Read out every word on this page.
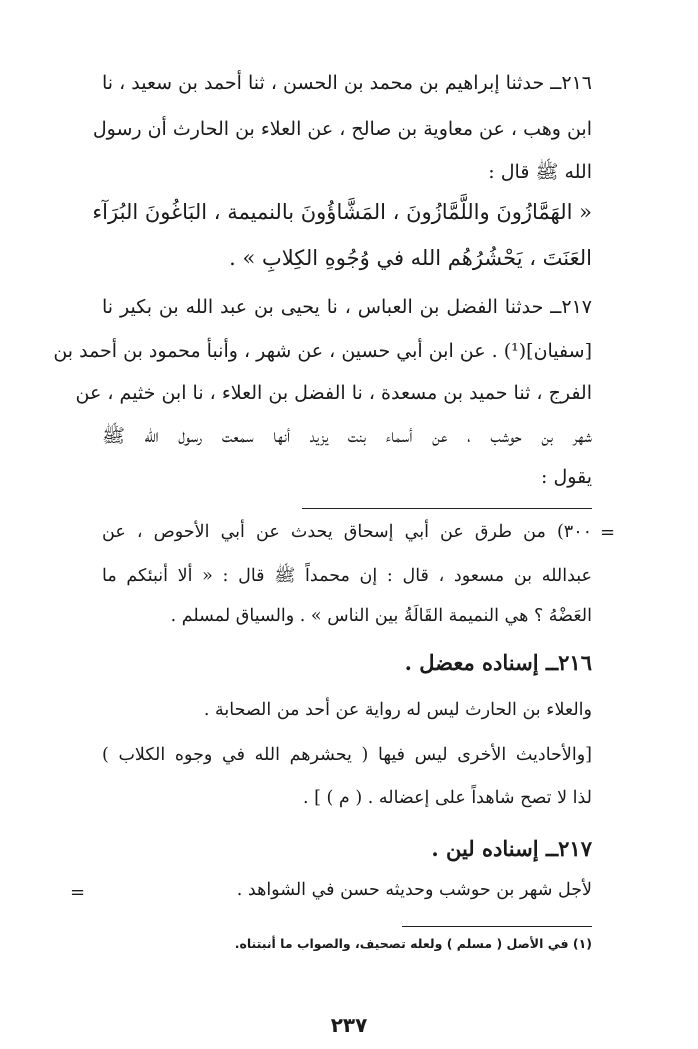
٢١٦ــ حدثنا إبراهيم بن محمد بن الحسن ، ثنا أحمد بن سعيد ، نا
ابن وهب ، عن معاوية بن صالح ، عن العلاء بن الحارث أن رسول
الله ﷺ قال :
« الهَمَّازُونَ واللَّمَّازُونَ ، المَشَّاؤُونَ بالنميمة ، البَاغُونَ البُرَآء
العَنَتَ ، يَحْشُرُهُم الله في وُجُوهِ الكِلابِ » .
٢١٧ــ حدثنا الفضل بن العباس ، نا يحيى بن عبد الله بن بكير نا
[سفيان](¹) . عن ابن أبي حسين ، عن شهر ، وأنبأ محمود بن أحمد بن
الفرج ، ثنا حميد بن مسعدة ، نا الفضل بن العلاء ، نا ابن خثيم ، عن
شهر بن حوشب ، عن أسماء بنت يزيد أنها سمعت رسول الله ﷺ
يقول :
=
٣٠٠) من طرق عن أبي إسحاق يحدث عن أبي الأحوص ، عن
عبدالله بن مسعود ، قال : إن محمداً ﷺ قال : « ألا أنبئكم ما
العَضْهُ ؟ هي النميمة القَالَةُ بين الناس » . والسياق لمسلم .
٢١٦ــ إسناده معضل .
والعلاء بن الحارث ليس له رواية عن أحد من الصحابة .
[والأحاديث الأخرى ليس فيها ( يحشرهم الله في وجوه الكلاب )
لذا لا تصح شاهداً على إعضاله . ( م ) ] .
٢١٧ــ إسناده لين .
لأجل شهر بن حوشب وحديثه حسن في الشواهد .
=
(١) في الأصل ( مسلم ) ولعله تصحيف، والصواب ما أنبتناه.
٢٣٧
